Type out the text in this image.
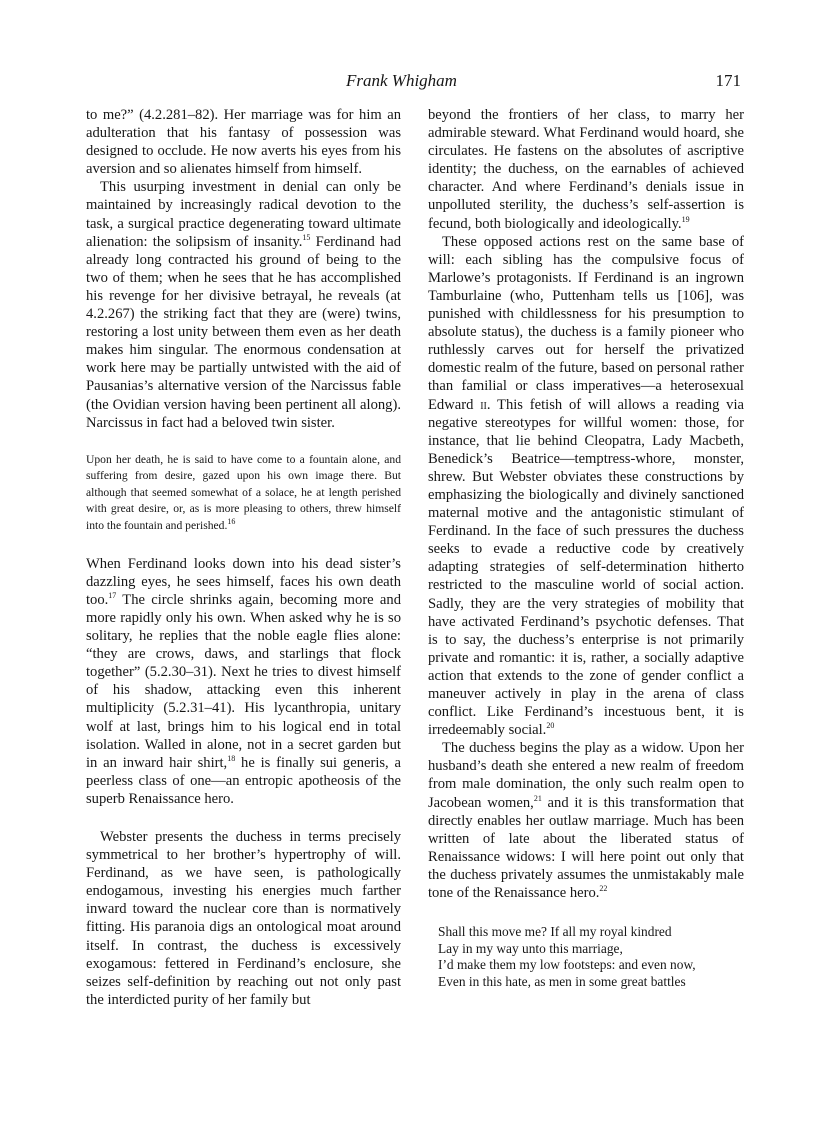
Frank Whigham	171

to me?” (4.2.281–82). Her marriage was for him an adulteration that his fantasy of possession was designed to occlude. He now averts his eyes from his aversion and so alienates himself from himself.

This usurping investment in denial can only be maintained by increasingly radical devotion to the task, a surgical practice degenerating toward ultimate alienation: the solipsism of insanity.$^{15}$ Ferdinand had already long contracted his ground of being to the two of them; when he sees that he has accomplished his revenge for her divisive betrayal, he reveals (at 4.2.267) the striking fact that they are (were) twins, restoring a lost unity between them even as her death makes him singular. The enormous condensation at work here may be partially untwisted with the aid of Pausanias’s alternative version of the Narcissus fable (the Ovidian version having been pertinent all along). Narcissus in fact had a beloved twin sister.

Upon her death, he is said to have come to a fountain alone, and suffering from desire, gazed upon his own image there. But although that seemed somewhat of a solace, he at length perished with great desire, or, as is more pleasing to others, threw himself into the fountain and perished.$^{16}$

When Ferdinand looks down into his dead sister’s dazzling eyes, he sees himself, faces his own death too.$^{17}$ The circle shrinks again, becoming more and more rapidly only his own. When asked why he is so solitary, he replies that the noble eagle flies alone: “they are crows, daws, and starlings that flock together” (5.2.30–31). Next he tries to divest himself of his shadow, attacking even this inherent multiplicity (5.2.31–41). His lycanthropia, unitary wolf at last, brings him to his logical end in total isolation. Walled in alone, not in a secret garden but in an inward hair shirt,$^{18}$ he is finally sui generis, a peerless class of one—an entropic apotheosis of the superb Renaissance hero.

Webster presents the duchess in terms precisely symmetrical to her brother’s hypertrophy of will. Ferdinand, as we have seen, is pathologically endogamous, investing his energies much farther inward toward the nuclear core than is normatively fitting. His paranoia digs an ontological moat around itself. In contrast, the duchess is excessively exogamous: fettered in Ferdinand’s enclosure, she seizes self-definition by reaching out not only past the interdicted purity of her family but

beyond the frontiers of her class, to marry her admirable steward. What Ferdinand would hoard, she circulates. He fastens on the absolutes of ascriptive identity; the duchess, on the earnables of achieved character. And where Ferdinand’s denials issue in unpolluted sterility, the duchess’s self-assertion is fecund, both biologically and ideologically.$^{19}$

These opposed actions rest on the same base of will: each sibling has the compulsive focus of Marlowe’s protagonists. If Ferdinand is an ingrown Tamburlaine (who, Puttenham tells us [106], was punished with childlessness for his presumption to absolute status), the duchess is a family pioneer who ruthlessly carves out for herself the privatized domestic realm of the future, based on personal rather than familial or class imperatives—a heterosexual Edward ii. This fetish of will allows a reading via negative stereotypes for willful women: those, for instance, that lie behind Cleopatra, Lady Macbeth, Benedick’s Beatrice—temptress-whore, monster, shrew. But Webster obviates these constructions by emphasizing the biologically and divinely sanctioned maternal motive and the antagonistic stimulant of Ferdinand. In the face of such pressures the duchess seeks to evade a reductive code by creatively adapting strategies of self-determination hitherto restricted to the masculine world of social action. Sadly, they are the very strategies of mobility that have activated Ferdinand’s psychotic defenses. That is to say, the duchess’s enterprise is not primarily private and romantic: it is, rather, a socially adaptive action that extends to the zone of gender conflict a maneuver actively in play in the arena of class conflict. Like Ferdinand’s incestuous bent, it is irredeemably social.$^{20}$

The duchess begins the play as a widow. Upon her husband’s death she entered a new realm of freedom from male domination, the only such realm open to Jacobean women,$^{21}$ and it is this transformation that directly enables her outlaw marriage. Much has been written of late about the liberated status of Renaissance widows: I will here point out only that the duchess privately assumes the unmistakably male tone of the Renaissance hero.$^{22}$

Shall this move me? If all my royal kindred
Lay in my way unto this marriage,
I’d make them my low footsteps: and even now,
Even in this hate, as men in some great battles
